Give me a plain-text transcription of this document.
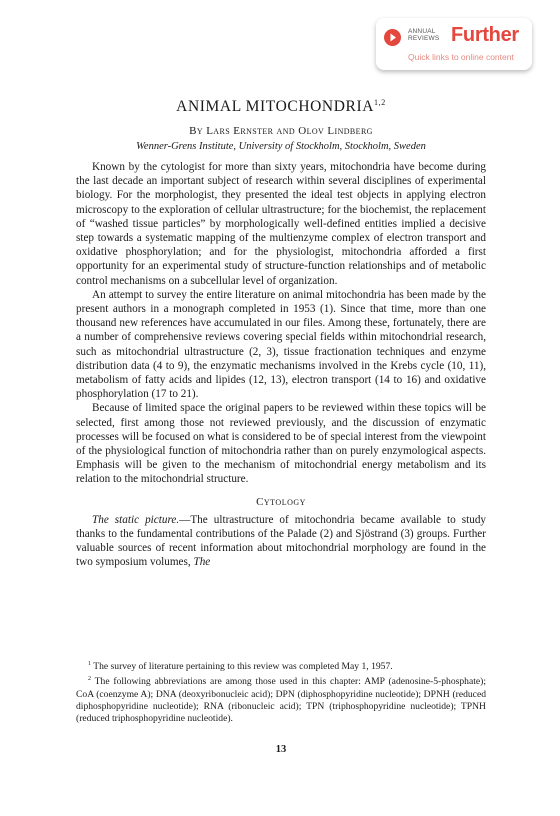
ANNUAL
REVIEWS Further
Quick links to online content
ANIMAL MITOCHONDRIA$^{1,2}$
By Lars Ernster and Olov Lindberg
Wenner-Grens Institute, University of Stockholm, Stockholm, Sweden

Known by the cytologist for more than sixty years, mitochondria have become during the last decade an important subject of research within several disciplines of experimental biology. For the morphologist, they presented the ideal test objects in applying electron microscopy to the exploration of cellular ultrastructure; for the biochemist, the replacement of “washed tissue particles” by morphologically well-defined entities implied a decisive step towards a systematic mapping of the multienzyme complex of electron transport and oxidative phosphorylation; and for the physiologist, mitochondria afforded a first opportunity for an experimental study of structure-function relationships and of metabolic control mechanisms on a subcellular level of organization.

An attempt to survey the entire literature on animal mitochondria has been made by the present authors in a monograph completed in 1953 (1). Since that time, more than one thousand new references have accumulated in our files. Among these, fortunately, there are a number of comprehensive reviews covering special fields within mitochondrial research, such as mitochondrial ultrastructure (2, 3), tissue fractionation techniques and enzyme distribution data (4 to 9), the enzymatic mechanisms involved in the Krebs cycle (10, 11), metabolism of fatty acids and lipides (12, 13), electron transport (14 to 16) and oxidative phosphorylation (17 to 21).

Because of limited space the original papers to be reviewed within these topics will be selected, first among those not reviewed previously, and the discussion of enzymatic processes will be focused on what is considered to be of special interest from the viewpoint of the physiological function of mitochondria rather than on purely enzymological aspects. Emphasis will be given to the mechanism of mitochondrial energy metabolism and its relation to the mitochondrial structure.

Cytology

The static picture.—The ultrastructure of mitochondria became available to study thanks to the fundamental contributions of the Palade (2) and Sjöstrand (3) groups. Further valuable sources of recent information about mitochondrial morphology are found in the two symposium volumes, The

$^1$ The survey of literature pertaining to this review was completed May 1, 1957.

$^2$ The following abbreviations are among those used in this chapter: AMP (adenosine-5-phosphate); CoA (coenzyme A); DNA (deoxyribonucleic acid); DPN (diphosphopyridine nucleotide); DPNH (reduced diphosphopyridine nucleotide); RNA (ribonucleic acid); TPN (triphosphopyridine nucleotide); TPNH (reduced triphosphopyridine nucleotide).

13
